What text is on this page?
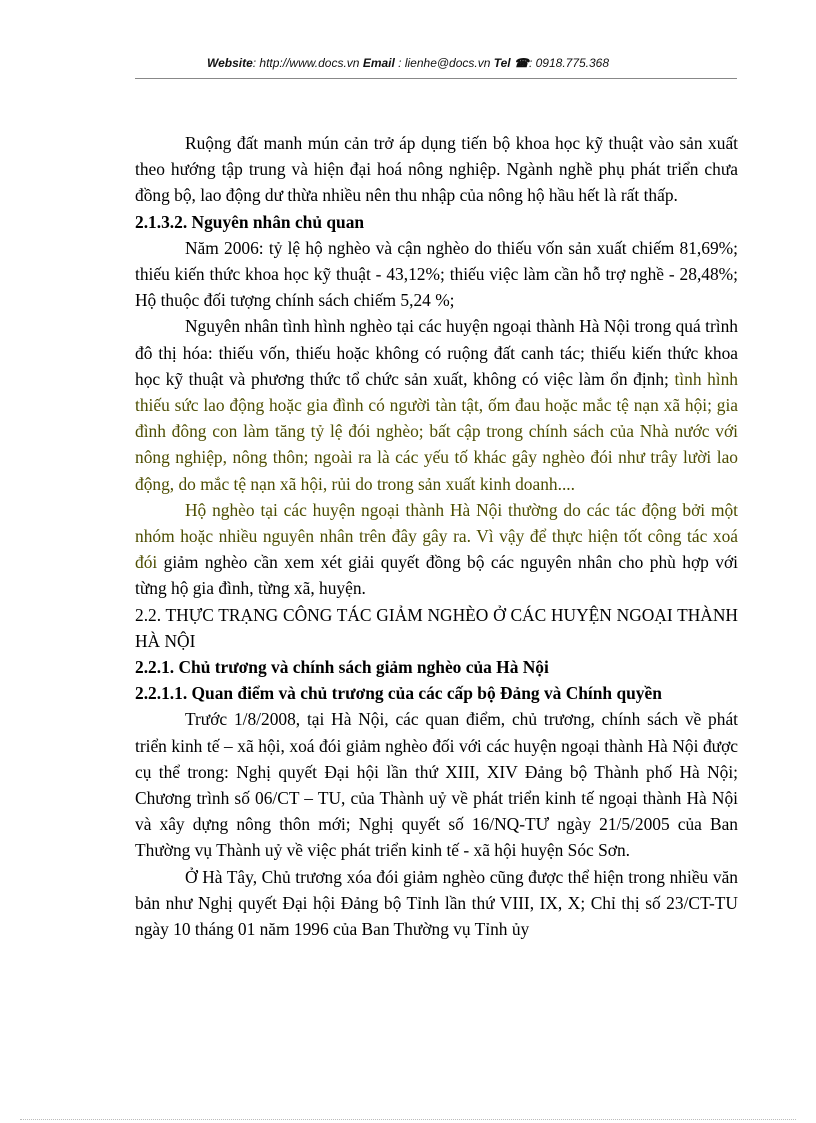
Website: http://www.docs.vn Email : lienhe@docs.vn Tel ☎: 0918.775.368

Ruộng đất manh mún cản trở áp dụng tiến bộ khoa học kỹ thuật vào sản xuất theo hướng tập trung và hiện đại hoá nông nghiệp. Ngành nghề phụ phát triển chưa đồng bộ, lao động dư thừa nhiều nên thu nhập của nông hộ hầu hết là rất thấp.

2.1.3.2. Nguyên nhân chủ quan

Năm 2006: tỷ lệ hộ nghèo và cận nghèo do thiếu vốn sản xuất chiếm 81,69%; thiếu kiến thức khoa học kỹ thuật - 43,12%; thiếu việc làm cần hỗ trợ nghề - 28,48%; Hộ thuộc đối tượng chính sách chiếm 5,24 %;

Nguyên nhân tình hình nghèo tại các huyện ngoại thành Hà Nội trong quá trình đô thị hóa: thiếu vốn, thiếu hoặc không có ruộng đất canh tác; thiếu kiến thức khoa học kỹ thuật và phương thức tổ chức sản xuất, không có việc làm ổn định; tình hình thiếu sức lao động hoặc gia đình có người tàn tật, ốm đau hoặc mắc tệ nạn xã hội; gia đình đông con làm tăng tỷ lệ đói nghèo; bất cập trong chính sách của Nhà nước với nông nghiệp, nông thôn; ngoài ra là các yếu tố khác gây nghèo đói như trây lười lao động, do mắc tệ nạn xã hội, rủi do trong sản xuất kinh doanh....

Hộ nghèo tại các huyện ngoại thành Hà Nội thường do các tác động bởi một nhóm hoặc nhiều nguyên nhân trên đây gây ra. Vì vậy để thực hiện tốt công tác xoá đói giảm nghèo cần xem xét giải quyết đồng bộ các nguyên nhân cho phù hợp với từng hộ gia đình, từng xã, huyện.

2.2. THỰC TRẠNG CÔNG TÁC GIẢM NGHÈO Ở CÁC HUYỆN NGOẠI THÀNH HÀ NỘI

2.2.1. Chủ trương và chính sách giảm nghèo của Hà Nội

2.2.1.1. Quan điểm và chủ trương của các cấp bộ Đảng và Chính quyền

Trước 1/8/2008, tại Hà Nội, các quan điểm, chủ trương, chính sách về phát triển kinh tế – xã hội, xoá đói giảm nghèo đối với các huyện ngoại thành Hà Nội được cụ thể trong: Nghị quyết Đại hội lần thứ XIII, XIV Đảng bộ Thành phố Hà Nội; Chương trình số 06/CT – TU, của Thành uỷ về phát triển kinh tế ngoại thành Hà Nội và xây dựng nông thôn mới; Nghị quyết số 16/NQ-TƯ ngày 21/5/2005 của Ban Thường vụ Thành uỷ về việc phát triển kinh tế - xã hội huyện Sóc Sơn.

Ở Hà Tây, Chủ trương xóa đói giảm nghèo cũng được thể hiện trong nhiều văn bản như Nghị quyết Đại hội Đảng bộ Tỉnh lần thứ VIII, IX, X; Chỉ thị số 23/CT-TU ngày 10 tháng 01 năm 1996 của Ban Thường vụ Tỉnh ủy
